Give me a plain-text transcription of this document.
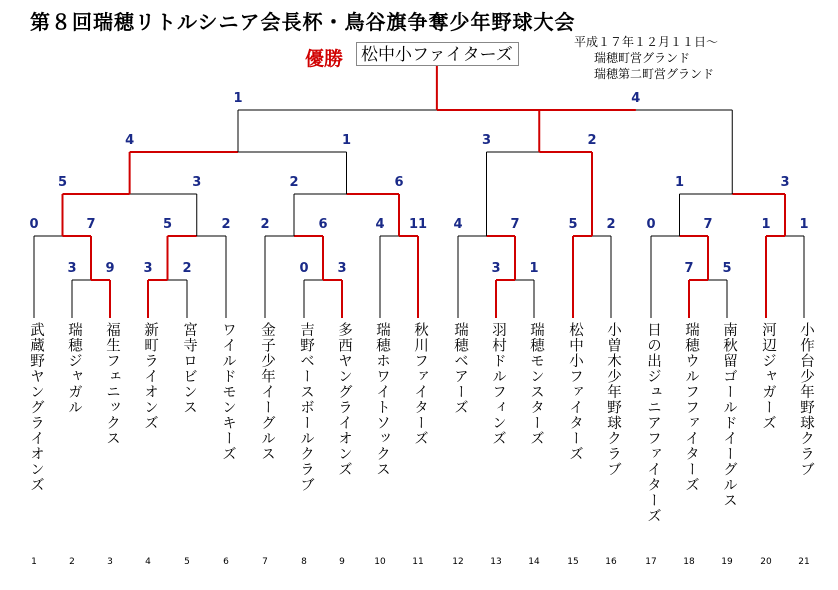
第８回瑞穂リトルシニア会長杯・鳥谷旗争奪少年野球大会
優勝 松中小ファイターズ
平成１７年１２月１１日～
瑞穂町営グランド
瑞穂第二町営グランド
3 9 3 2	0 3	3 1	7 5
0	7	5	2 2	6	4 11 4	7	5 2 0	7	1 1
5	3	2	6	1	3
4	1	3	2
1	4
武蔵野ヤングライオンズ
1
瑞穂ジャガル
2
福生フェニックス
3
新町ライオンズ
4
宮寺ロビンス
5
ワイルドモンキーズ
6
金子少年イーグルス
7
吉野ベースボールクラブ
8
多西ヤングライオンズ
9
瑞穂ホワイトソックス
10
秋川ファイターズ
11
瑞穂ベアーズ
12
羽村ドルフィンズ
13
瑞穂モンスターズ
14
松中小ファイターズ
15
小曽木少年野球クラブ
16
日の出ジュニアファイターズ
17
瑞穂ウルフファイターズ
18
南秋留ゴールドイーグルス
19
河辺ジャガーズ
20
小作台少年野球クラブ
21
